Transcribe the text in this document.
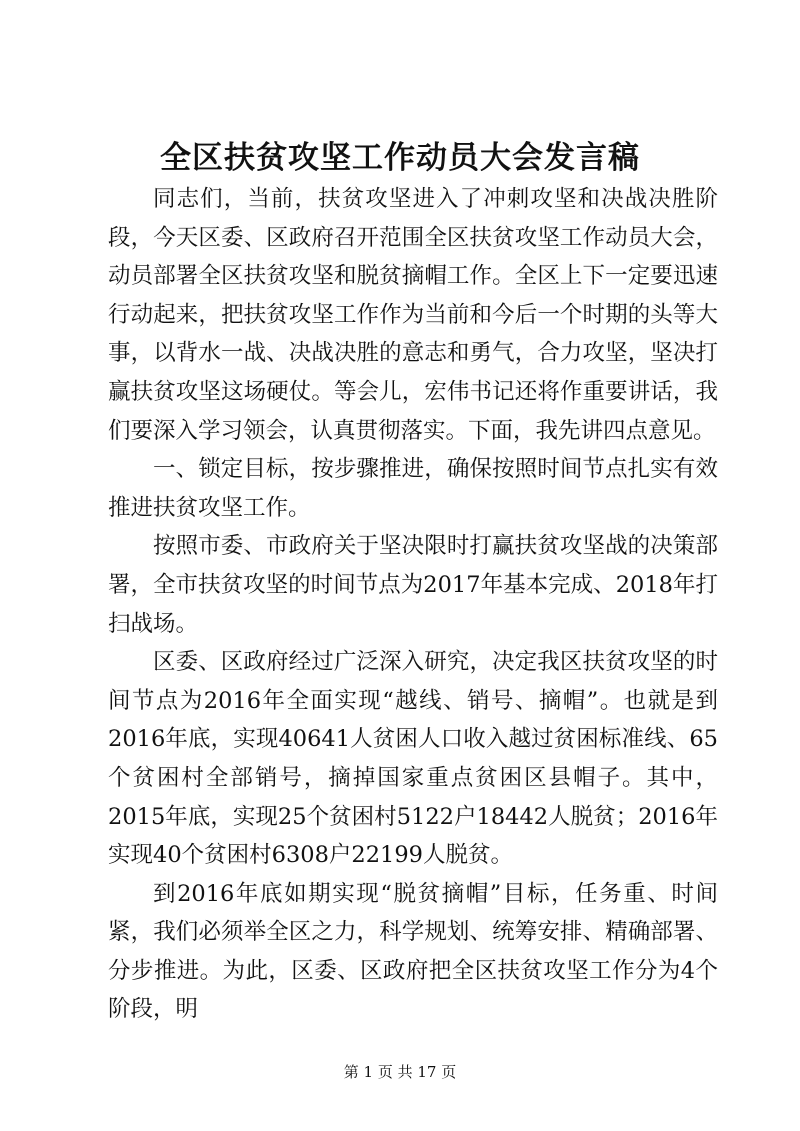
全区扶贫攻坚工作动员大会发言稿

同志们，当前，扶贫攻坚进入了冲刺攻坚和决战决胜阶段，今天区委、区政府召开范围全区扶贫攻坚工作动员大会，动员部署全区扶贫攻坚和脱贫摘帽工作。全区上下一定要迅速行动起来，把扶贫攻坚工作作为当前和今后一个时期的头等大事，以背水一战、决战决胜的意志和勇气，合力攻坚，坚决打赢扶贫攻坚这场硬仗。等会儿，宏伟书记还将作重要讲话，我们要深入学习领会，认真贯彻落实。下面，我先讲四点意见。

一、锁定目标，按步骤推进，确保按照时间节点扎实有效推进扶贫攻坚工作。

按照市委、市政府关于坚决限时打赢扶贫攻坚战的决策部署，全市扶贫攻坚的时间节点为2017年基本完成、2018年打扫战场。

区委、区政府经过广泛深入研究，决定我区扶贫攻坚的时间节点为2016年全面实现“越线、销号、摘帽”。也就是到2016年底，实现40641人贫困人口收入越过贫困标准线、65个贫困村全部销号，摘掉国家重点贫困区县帽子。其中，2015年底，实现25个贫困村5122户18442人脱贫；2016年实现40个贫困村6308户22199人脱贫。

到2016年底如期实现“脱贫摘帽”目标，任务重、时间紧，我们必须举全区之力，科学规划、统筹安排、精确部署、分步推进。为此，区委、区政府把全区扶贫攻坚工作分为4个阶段，明

第 1 页 共 17 页
